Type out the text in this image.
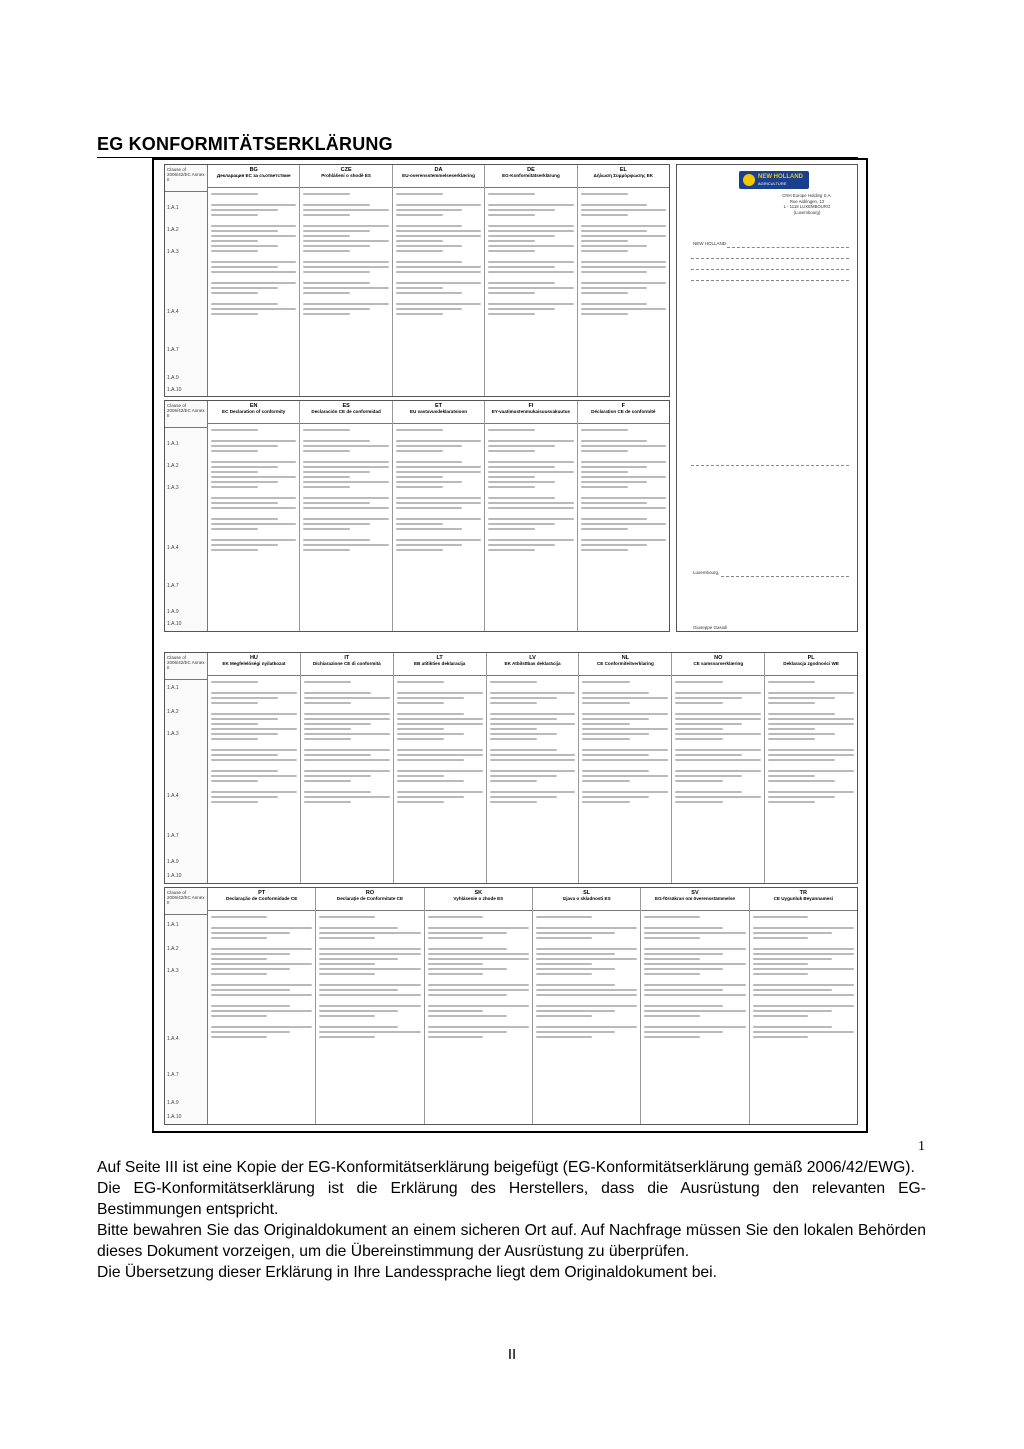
EG KONFORMITÄTSERKLÄRUNG
Clause of 2006/42/EC Annex II
1.A.1
1.A.2
1.A.3
1.A.4
1.A.7
1.A.9
1.A.10
BG
Декларация ЕС за съответствие
CZE
Prohlášení o shodě ES
DA
EU-overensstemmelseserklæring
DE
EG-Konformitätserklärung
EL
Δήλωση Συμμόρφωσης ΕΚ
Clause of 2006/42/EC Annex II
1.A.1
1.A.2
1.A.3
1.A.4
1.A.7
1.A.9
1.A.10
EN
EC Declaration of conformity
ES
Declaración CE de conformidad
ET
EU vastavusdeklaratsioon
FI
EY-vaatimustenmukaisuusvakuutus
F
Déclaration CE de conformité
NEW HOLLAND
AGRICULTURE
CNH Europe Holding S.A.
Rue Aldringen, 13
L - 1118 LUXEMBOURG
(Luxembourg)
NEW HOLLAND
Luxembourg,
Giuseppe Gasioli
Clause of 2006/42/EC Annex II
1.A.1
1.A.2
1.A.3
1.A.4
1.A.7
1.A.9
1.A.10
HU
EK Megfelelőségi nyilatkozat
IT
Dichiarazione CE di conformità
LT
EB atitikties deklaracija
LV
EK Atbilstības deklarācija
NL
CE Conformiteitverklaring
NO
CE samsvarserklæring
PL
Deklaracja zgodności WE
Clause of 2006/42/EC Annex II
1.A.1
1.A.2
1.A.3
1.A.4
1.A.7
1.A.9
1.A.10
PT
Declaração de Conformidade CE
RO
Declarație de Conformitate CE
SK
Vyhlásenie o zhode ES
SL
Izjava o skladnosti ES
SV
EG-försäkran om överensstämmelse
TR
CE Uygunluk Beyannamesi
1

Auf Seite III ist eine Kopie der EG-Konformitätserklärung beigefügt (EG-Konformitätserklärung gemäß 2006/42/EWG).

Die EG-Konformitätserklärung ist die Erklärung des Herstellers, dass die Ausrüstung den relevanten EG-Bestimmungen entspricht.

Bitte bewahren Sie das Originaldokument an einem sicheren Ort auf. Auf Nachfrage müssen Sie den lokalen Behörden dieses Dokument vorzeigen, um die Übereinstimmung der Ausrüstung zu überprüfen.

Die Übersetzung dieser Erklärung in Ihre Landessprache liegt dem Originaldokument bei.

II
